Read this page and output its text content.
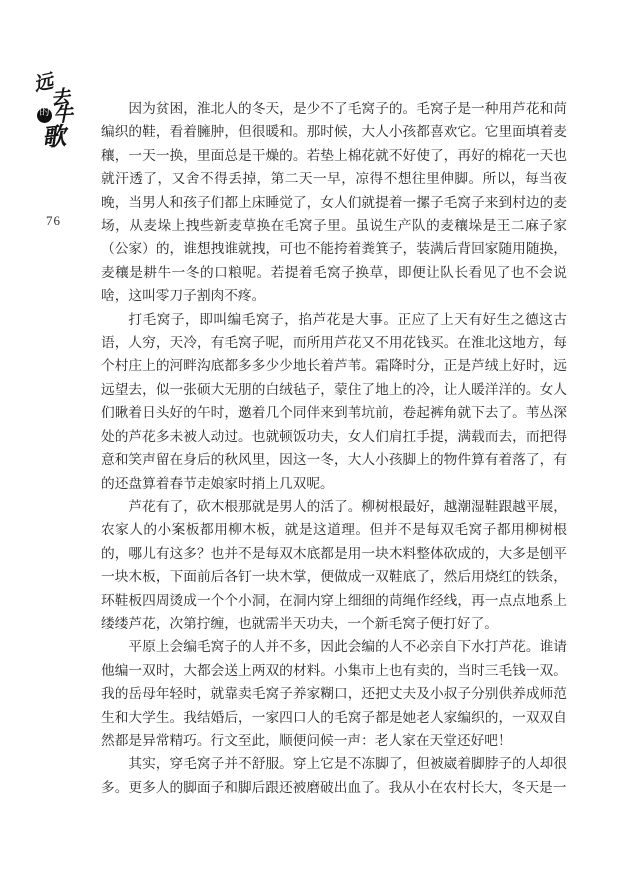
远
去
的 牛
歌
76

因为贫困，淮北人的冬天，是少不了毛窝子的。毛窝子是一种用芦花和苘编织的鞋，看着臃肿，但很暖和。那时候，大人小孩都喜欢它。它里面填着麦穰，一天一换，里面总是干燥的。若垫上棉花就不好使了，再好的棉花一天也就汗透了，又舍不得丢掉，第二天一早，凉得不想往里伸脚。所以，每当夜晚，当男人和孩子们都上床睡觉了，女人们就提着一摞子毛窝子来到村边的麦场，从麦垛上拽些新麦草换在毛窝子里。虽说生产队的麦穰垛是王二麻子家（公家）的，谁想拽谁就拽，可也不能挎着粪箕子，装满后背回家随用随换，麦穰是耕牛一冬的口粮呢。若提着毛窝子换草，即便让队长看见了也不会说啥，这叫零刀子割肉不疼。

打毛窝子，即叫编毛窝子，掐芦花是大事。正应了上天有好生之德这古语，人穷，天冷，有毛窝子呢，而所用芦花又不用花钱买。在淮北这地方，每个村庄上的河畔沟底都多多少少地长着芦苇。霜降时分，正是芦绒上好时，远远望去，似一张硕大无朋的白绒毡子，蒙住了地上的冷，让人暖洋洋的。女人们瞅着日头好的午时，邀着几个同伴来到苇坑前，卷起裤角就下去了。苇丛深处的芦花多未被人动过。也就顿饭功夫，女人们肩扛手提，满载而去，而把得意和笑声留在身后的秋风里，因这一冬，大人小孩脚上的物件算有着落了，有的还盘算着春节走娘家时捎上几双呢。

芦花有了，砍木根那就是男人的活了。柳树根最好，越潮湿鞋跟越平展，农家人的小案板都用柳木板，就是这道理。但并不是每双毛窝子都用柳树根的，哪儿有这多？也并不是每双木底都是用一块木料整体砍成的，大多是刨平一块木板，下面前后各钉一块木掌，便做成一双鞋底了，然后用烧红的铁条，环鞋板四周烫成一个个小洞，在洞内穿上细细的苘绳作经线，再一点点地系上缕缕芦花，次第拧缠，也就需半天功夫，一个新毛窝子便打好了。

平原上会编毛窝子的人并不多，因此会编的人不必亲自下水打芦花。谁请他编一双时，大都会送上两双的材料。小集市上也有卖的，当时三毛钱一双。我的岳母年轻时，就靠卖毛窝子养家糊口，还把丈夫及小叔子分别供养成师范生和大学生。我结婚后，一家四口人的毛窝子都是她老人家编织的，一双双自然都是异常精巧。行文至此，顺便问候一声：老人家在天堂还好吧！

其实，穿毛窝子并不舒服。穿上它是不冻脚了，但被崴着脚脖子的人却很多。更多人的脚面子和脚后跟还被磨破出血了。我从小在农村长大，冬天是一
